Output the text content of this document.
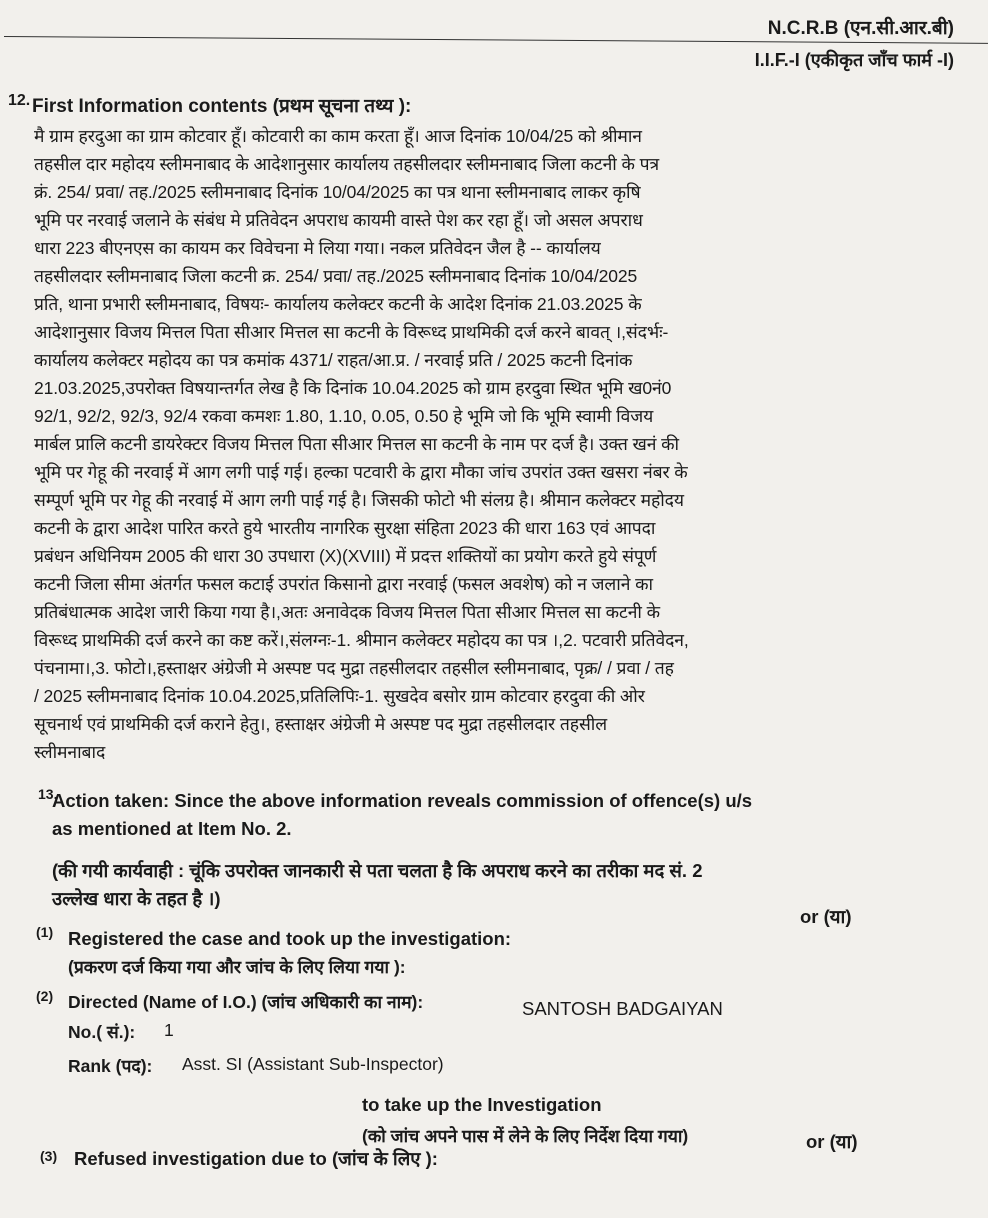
N.C.R.B (एन.सी.आर.बी)
I.I.F.-I (एकीकृत जाँच फार्म -I)
12. First Information contents (प्रथम सूचना तथ्य ):
मै ग्राम हरदुआ का ग्राम कोटवार हूँ। कोटवारी का काम करता हूँ। आज दिनांक 10/04/25 को श्रीमान
तहसील दार महोदय स्लीमनाबाद के आदेशानुसार कार्यालय तहसीलदार स्लीमनाबाद जिला कटनी के पत्र
क्रं. 254/ प्रवा/ तह./2025 स्लीमनाबाद दिनांक 10/04/2025 का पत्र थाना स्लीमनाबाद लाकर कृषि
भूमि पर नरवाई जलाने के संबंध मे प्रतिवेदन अपराध कायमी वास्ते पेश कर रहा हूँ। जो असल अपराध
धारा 223 बीएनएस का कायम कर विवेचना मे लिया गया। नकल प्रतिवेदन जैल है -- कार्यालय
तहसीलदार स्लीमनाबाद जिला कटनी क्र. 254/ प्रवा/ तह./2025 स्लीमनाबाद दिनांक 10/04/2025
प्रति, थाना प्रभारी स्लीमनाबाद, विषयः- कार्यालय कलेक्टर कटनी के आदेश दिनांक 21.03.2025 के
आदेशानुसार विजय मित्तल पिता सीआर मित्तल सा कटनी के विरूध्द प्राथमिकी दर्ज करने बावत् ।,संदर्भः-
कार्यालय कलेक्टर महोदय का पत्र कमांक 4371/ राहत/आ.प्र. / नरवाई प्रति / 2025 कटनी दिनांक
21.03.2025,उपरोक्त विषयान्तर्गत लेख है कि दिनांक 10.04.2025 को ग्राम हरदुवा स्थित भूमि ख0नं0
92/1, 92/2, 92/3, 92/4 रकवा कमशः 1.80, 1.10, 0.05, 0.50 हे भूमि जो कि भूमि स्वामी विजय
मार्बल प्रालि कटनी डायरेक्टर विजय मित्तल पिता सीआर मित्तल सा कटनी के नाम पर दर्ज है। उक्त खनं की
भूमि पर गेहू की नरवाई में आग लगी पाई गई। हल्का पटवारी के द्वारा मौका जांच उपरांत उक्त खसरा नंबर के
सम्पूर्ण भूमि पर गेहू की नरवाई में आग लगी पाई गई है। जिसकी फोटो भी संलग्र है। श्रीमान कलेक्टर महोदय
कटनी के द्वारा आदेश पारित करते हुये भारतीय नागरिक सुरक्षा संहिता 2023 की धारा 163 एवं आपदा
प्रबंधन अधिनियम 2005 की धारा 30 उपधारा (X)(XVIII) में प्रदत्त शक्तियों का प्रयोग करते हुये संपूर्ण
कटनी जिला सीमा अंतर्गत फसल कटाई उपरांत किसानो द्वारा नरवाई (फसल अवशेष) को न जलाने का
प्रतिबंधात्मक आदेश जारी किया गया है।,अतः अनावेदक विजय मित्तल पिता सीआर मित्तल सा कटनी के
विरूध्द प्राथमिकी दर्ज करने का कष्ट करें।,संलग्नः-1. श्रीमान कलेक्टर महोदय का पत्र ।,2. पटवारी प्रतिवेदन,
पंचनामा।,3. फोटो।,हस्ताक्षर अंग्रेजी मे अस्पष्ट पद मुद्रा तहसीलदार तहसील स्लीमनाबाद, पृक्र/ / प्रवा / तह
/ 2025 स्लीमनाबाद दिनांक 10.04.2025,प्रतिलिपिः-1. सुखदेव बसोर ग्राम कोटवार हरदुवा की ओर
सूचनार्थ एवं प्राथमिकी दर्ज कराने हेतु।, हस्ताक्षर अंग्रेजी मे अस्पष्ट पद मुद्रा तहसीलदार तहसील
स्लीमनाबाद
13.
Action taken: Since the above information reveals commission of offence(s) u/s
as mentioned at Item No. 2.
(की गयी कार्यवाही : चूंकि उपरोक्त जानकारी से पता चलता है कि अपराध करने का तरीका मद सं. 2
उल्लेख धारा के तहत है ।)
or (या)
(1) Registered the case and took up the investigation:
(प्रकरण दर्ज किया गया और जांच के लिए लिया गया ):
(2) Directed (Name of I.O.) (जांच अधिकारी का नाम):	SANTOSH BADGAIYAN
No.( सं.): 1
Rank (पद): Asst. SI (Assistant Sub-Inspector)
to take up the Investigation
(को जांच अपने पास में लेने के लिए निर्देश दिया गया)	or (या)
(3) Refused investigation due to (जांच के लिए ):
